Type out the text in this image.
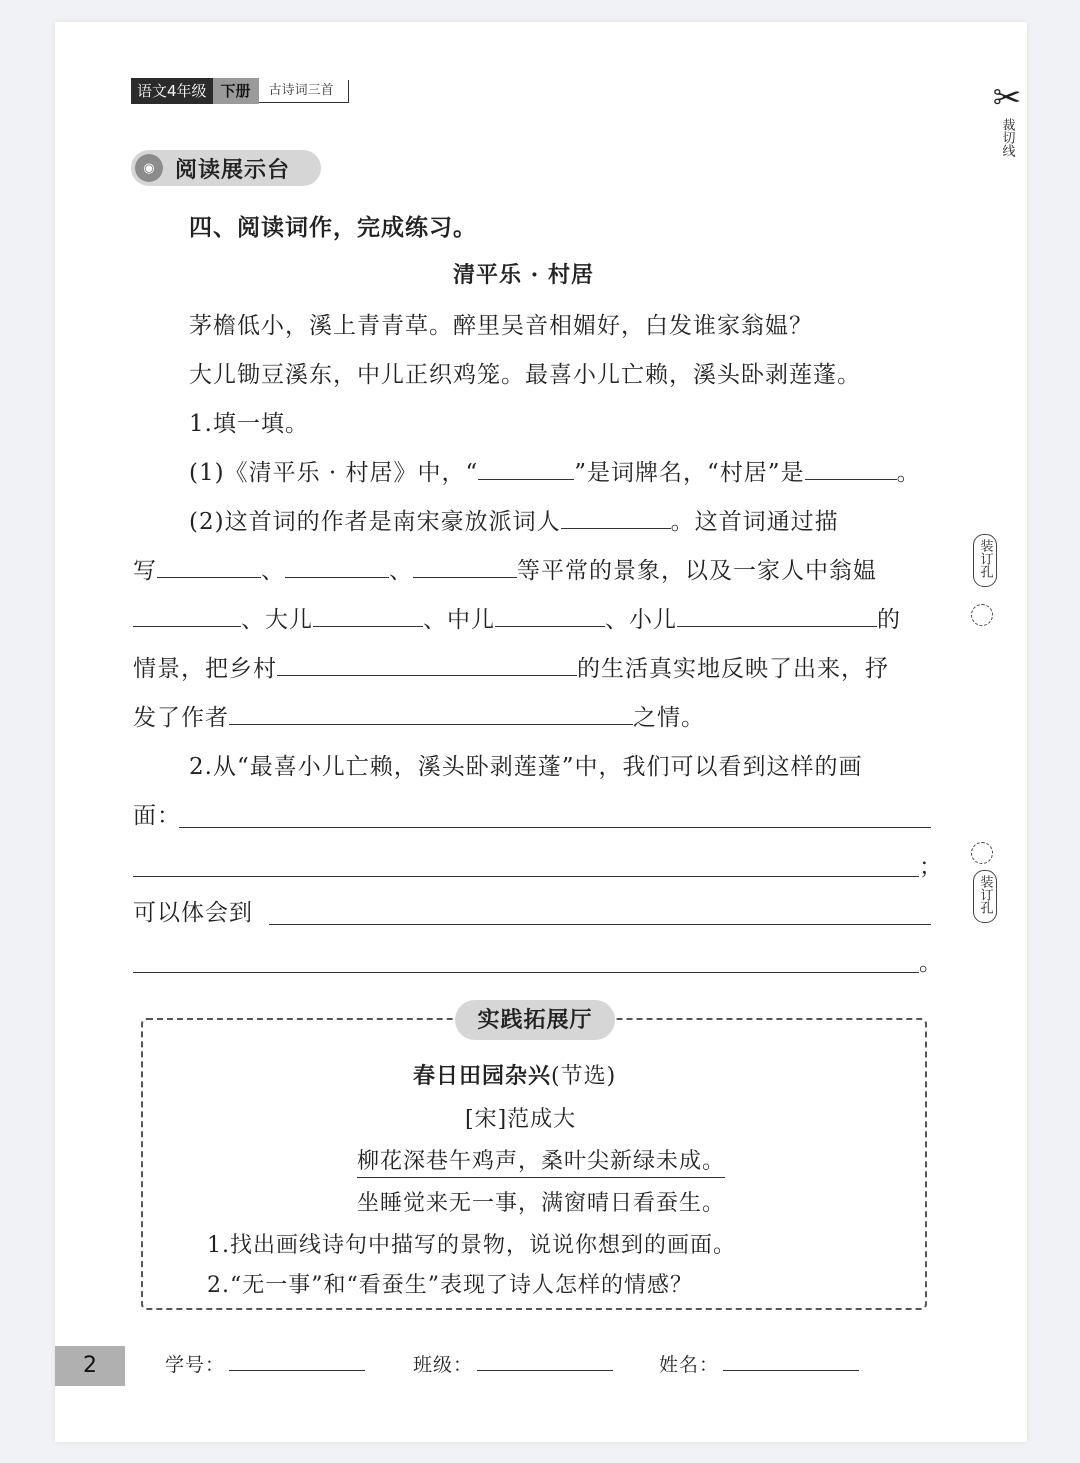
语文4年级 下册	古诗词三首	✂
裁切线
装订孔
装订孔
◉ 阅读展示台
四、阅读词作，完成练习。
清平乐 · 村居
茅檐低小，溪上青青草。醉里吴音相媚好，白发谁家翁媪？
大儿锄豆溪东，中儿正织鸡笼。最喜小儿亡赖，溪头卧剥莲蓬。
1.填一填。
(1)《清平乐 · 村居》中，“	”是词牌名，“村居”是	。
(2)这首词的作者是南宋豪放派词人	。这首词通过描
写	、	、	等平常的景象，以及一家人中翁媪
、大儿	、中儿	、小儿	的
情景，把乡村	的生活真实地反映了出来，抒
发了作者	之情。
2.从“最喜小儿亡赖，溪头卧剥莲蓬”中，我们可以看到这样的画
面：
；
可以体会到
。
实践拓展厅
春日田园杂兴(节选)
[宋]范成大
柳花深巷午鸡声，桑叶尖新绿未成。
坐睡觉来无一事，满窗晴日看蚕生。
1.找出画线诗句中描写的景物，说说你想到的画面。
2.“无一事”和“看蚕生”表现了诗人怎样的情感？
2	学号：	班级：	姓名：
